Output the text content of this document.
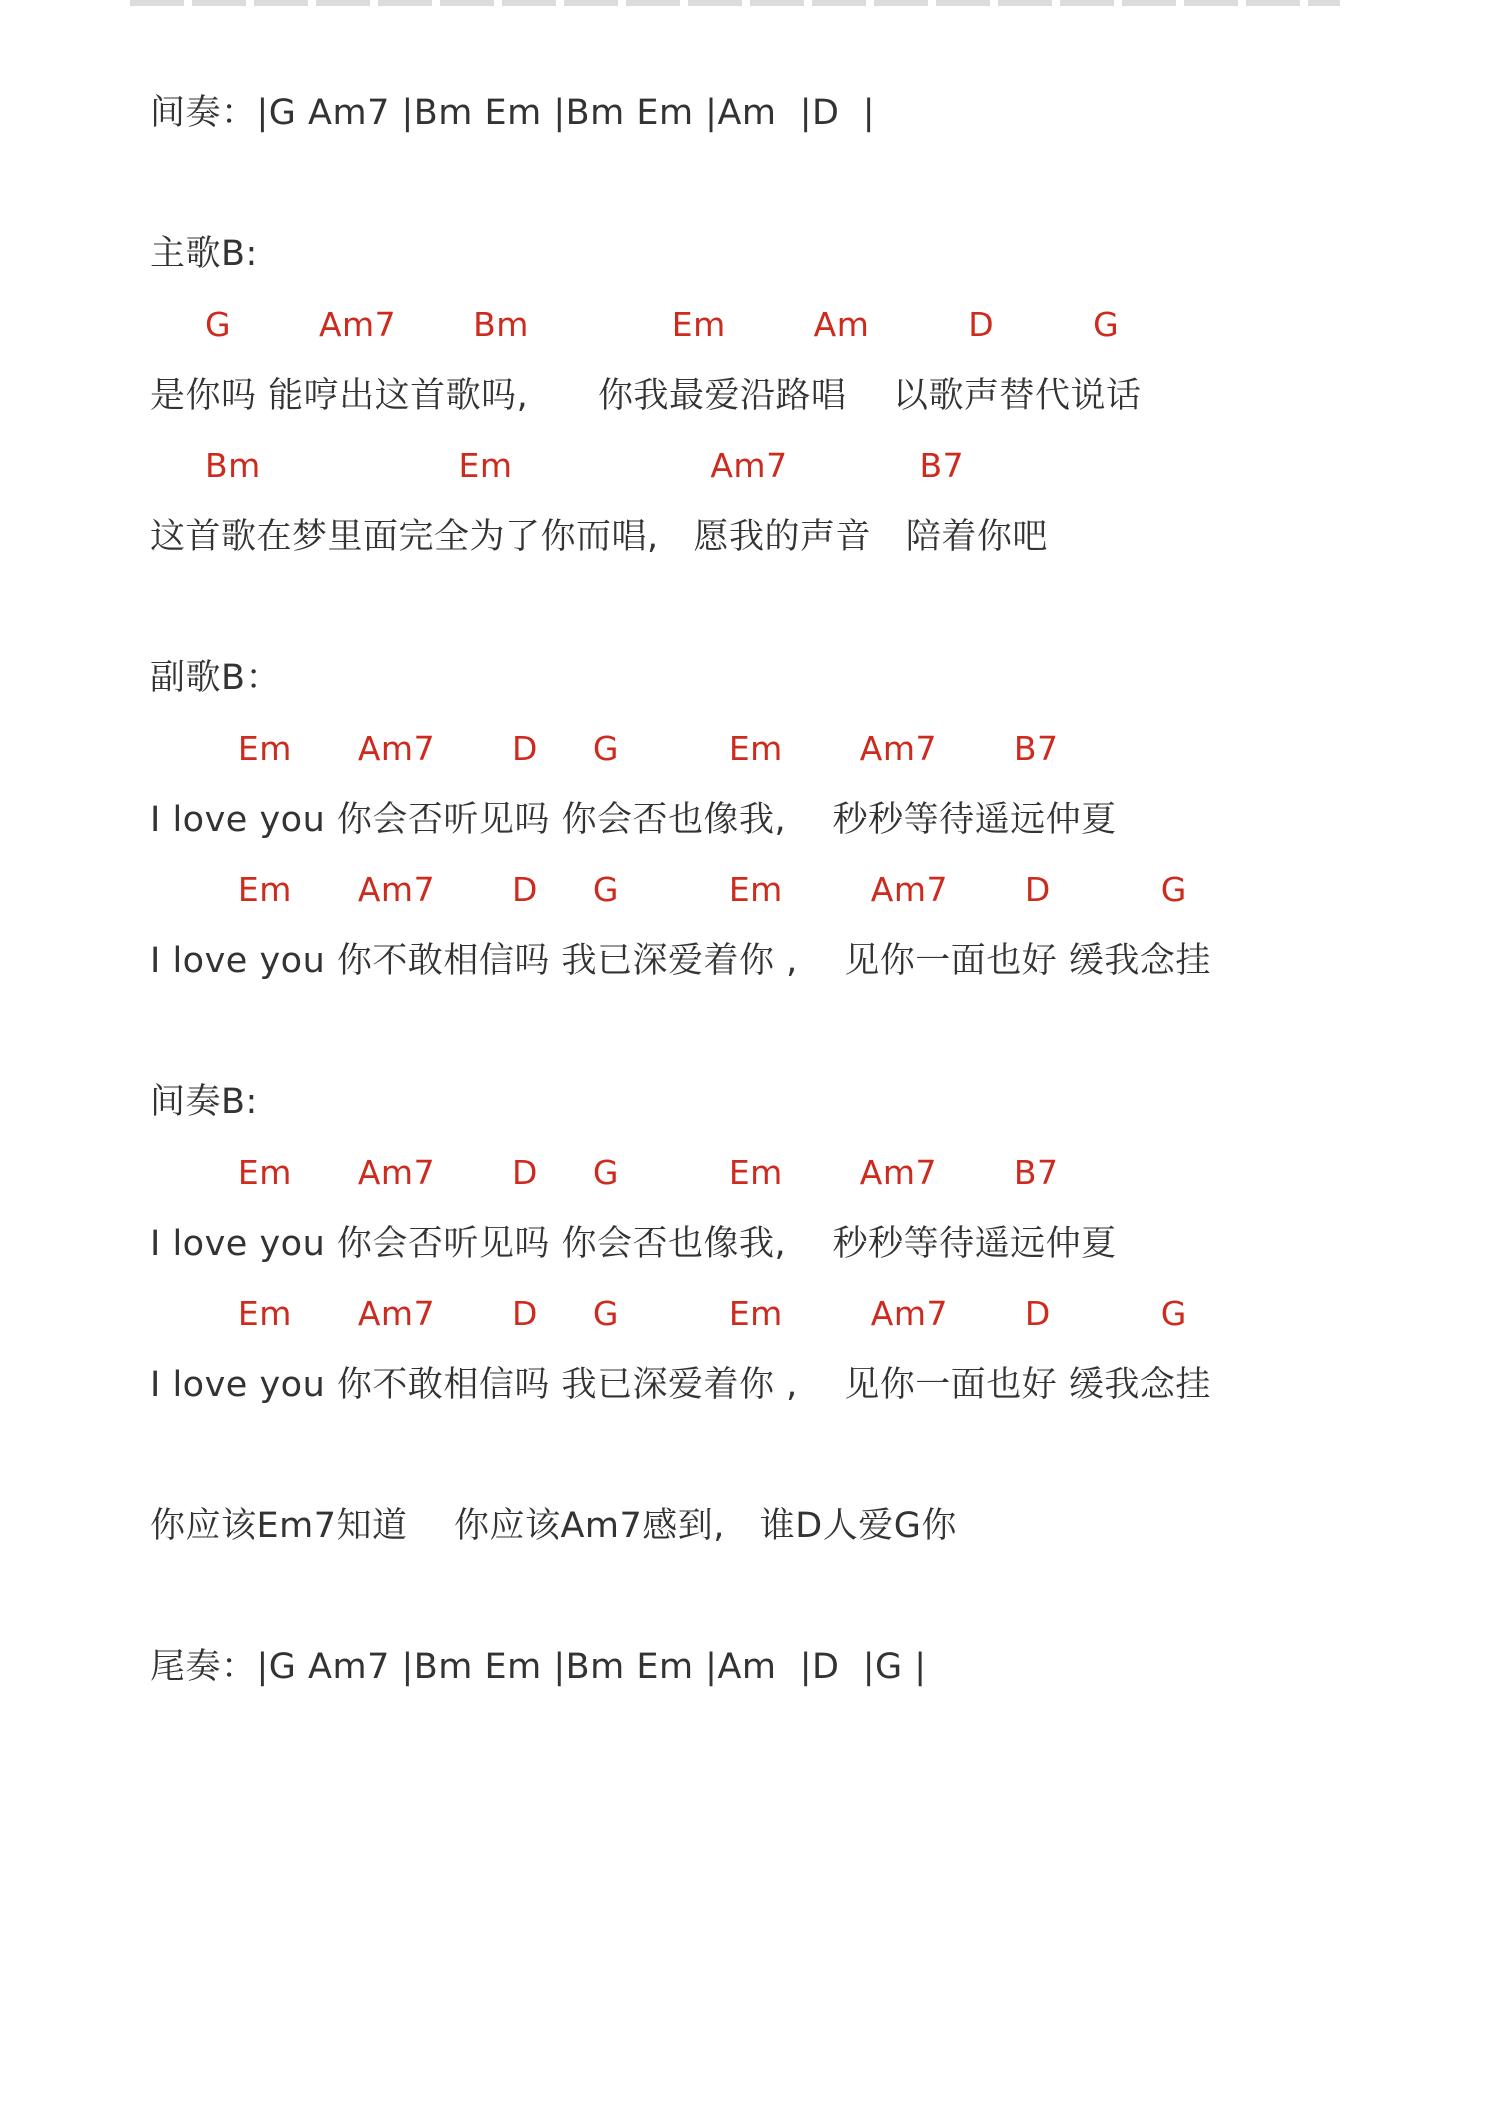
间奏：|G Am7 |Bm Em |Bm Em |Am  |D  |

主歌B:

G        Am7       Bm             Em        Am         D         G

是你吗 能哼出这首歌吗,      你我最爱沿路唱    以歌声替代说话

Bm                  Em                  Am7            B7

这首歌在梦里面完全为了你而唱,   愿我的声音   陪着你吧

副歌B：

Em      Am7       D     G          Em       Am7       B7

I love you 你会否听见吗 你会否也像我,    秒秒等待遥远仲夏

Em      Am7       D     G          Em        Am7       D          G

I love you 你不敢相信吗 我已深爱着你 ,    见你一面也好 缓我念挂

间奏B:

Em      Am7       D     G          Em       Am7       B7

I love you 你会否听见吗 你会否也像我,    秒秒等待遥远仲夏

Em      Am7       D     G          Em        Am7       D          G

I love you 你不敢相信吗 我已深爱着你 ,    见你一面也好 缓我念挂

你应该Em7知道    你应该Am7感到,   谁D人爱G你

尾奏：|G Am7 |Bm Em |Bm Em |Am  |D  |G |
